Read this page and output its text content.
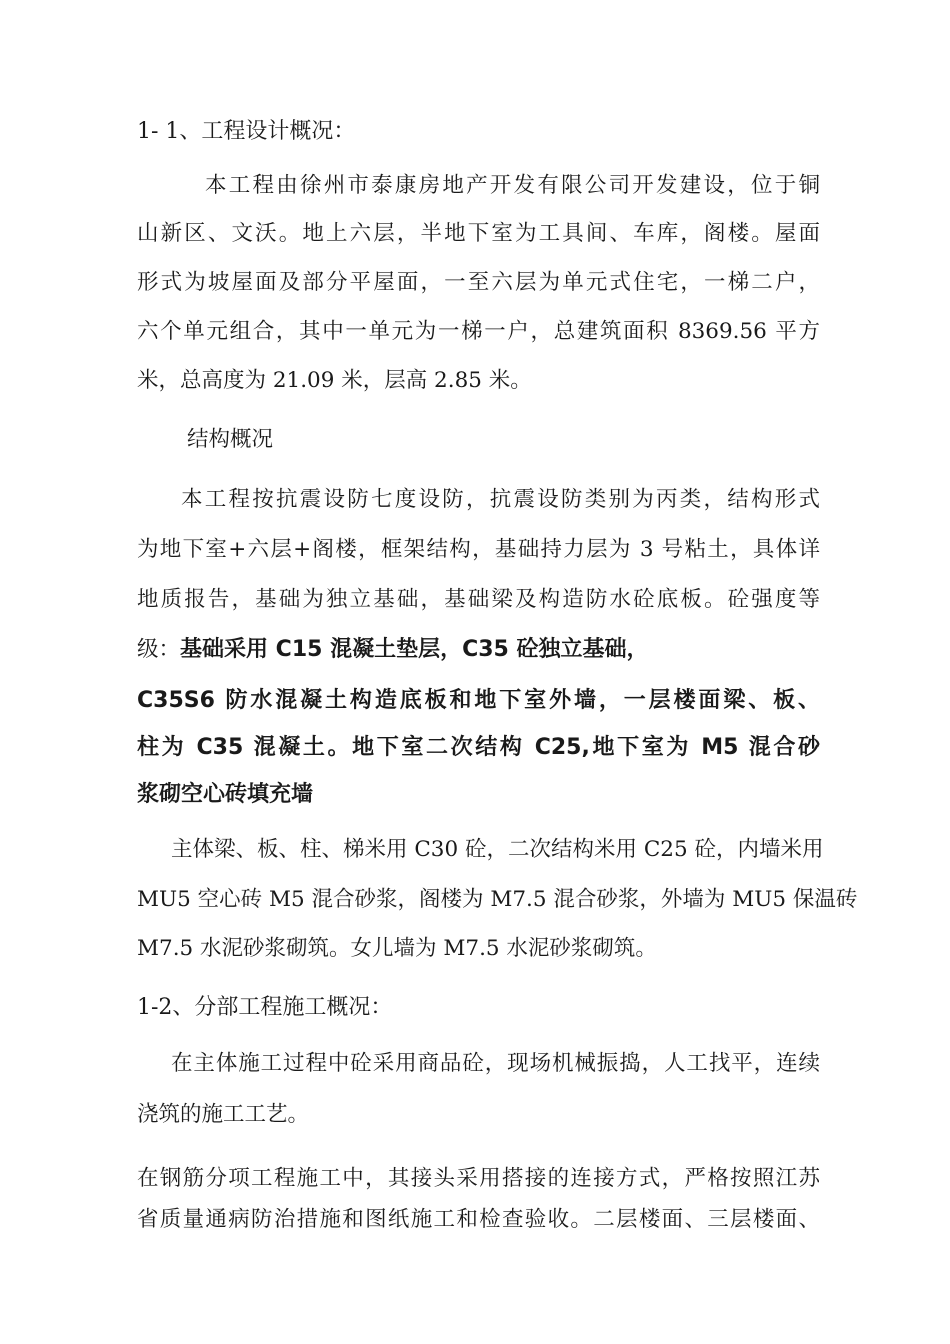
1- 1、工程设计概况：
本工程由徐州市泰康房地产开发有限公司开发建设，位于铜
山新区、文沃。地上六层，半地下室为工具间、车库，阁楼。屋面
形式为坡屋面及部分平屋面，一至六层为单元式住宅，一梯二户，
六个单元组合，其中一单元为一梯一户，总建筑面积 8369.56 平方
米，总高度为 21.09 米，层高 2.85 米。
结构概况
本工程按抗震设防七度设防，抗震设防类别为丙类，结构形式
为地下室+六层+阁楼，框架结构，基础持力层为 3 号粘土，具体详
地质报告，基础为独立基础，基础梁及构造防水砼底板。砼强度等
级：基础采用 C15 混凝土垫层，C35 砼独立基础，
C35S6 防水混凝土构造底板和地下室外墙，一层楼面梁、板、
柱为 C35 混凝土。地下室二次结构 C25,地下室为 M5 混合砂
浆砌空心砖填充墙
主体梁、板、柱、梯米用 C30 砼，二次结构米用 C25 砼，内墙米用
MU5 空心砖 M5 混合砂浆，阁楼为 M7.5 混合砂浆，外墙为 MU5 保温砖
M7.5 水泥砂浆砌筑。女儿墙为 M7.5 水泥砂浆砌筑。
1-2、分部工程施工概况：
在主体施工过程中砼采用商品砼，现场机械振捣，人工找平，连续
浇筑的施工工艺。
在钢筋分项工程施工中，其接头采用搭接的连接方式，严格按照江苏
省质量通病防治措施和图纸施工和检查验收。二层楼面、三层楼面、
